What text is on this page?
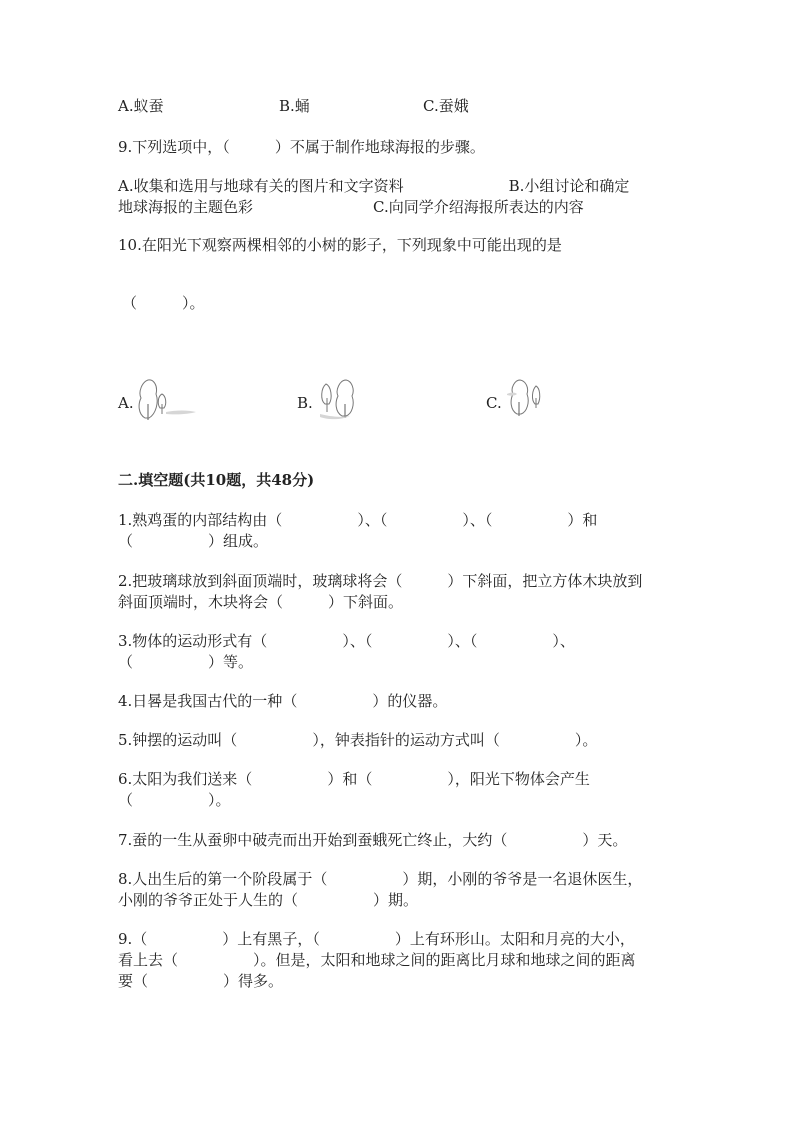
A.蚁蚕	B.蛹	C.蚕娥
9.下列选项中，（　　　）不属于制作地球海报的步骤。
A.收集和选用与地球有关的图片和文字资料　　　　　　　B.小组讨论和确定
地球海报的主题色彩　　　　　　　　C.向同学介绍海报所表达的内容
10.在阳光下观察两棵相邻的小树的影子，下列现象中可能出现的是
（　　　）。
A.	B.	C.
二.填空题(共10题，共48分)
1.熟鸡蛋的内部结构由（　　　　　）、（　　　　　）、（　　　　　）和
（　　　　　）组成。
2.把玻璃球放到斜面顶端时，玻璃球将会（　　　）下斜面，把立方体木块放到
斜面顶端时，木块将会（　　　）下斜面。
3.物体的运动形式有（　　　　　）、（　　　　　）、（　　　　　）、
（　　　　　）等。
4.日晷是我国古代的一种（　　　　　）的仪器。
5.钟摆的运动叫（　　　　　），钟表指针的运动方式叫（　　　　　）。
6.太阳为我们送来（　　　　　）和（　　　　　），阳光下物体会产生
（　　　　　）。
7.蚕的一生从蚕卵中破壳而出开始到蚕蛾死亡终止，大约（　　　　　）天。
8.人出生后的第一个阶段属于（　　　　　）期，小刚的爷爷是一名退休医生，
小刚的爷爷正处于人生的（　　　　　）期。
9.（　　　　　）上有黑子，（　　　　　）上有环形山。太阳和月亮的大小，
看上去（　　　　　）。但是，太阳和地球之间的距离比月球和地球之间的距离
要（　　　　　）得多。
